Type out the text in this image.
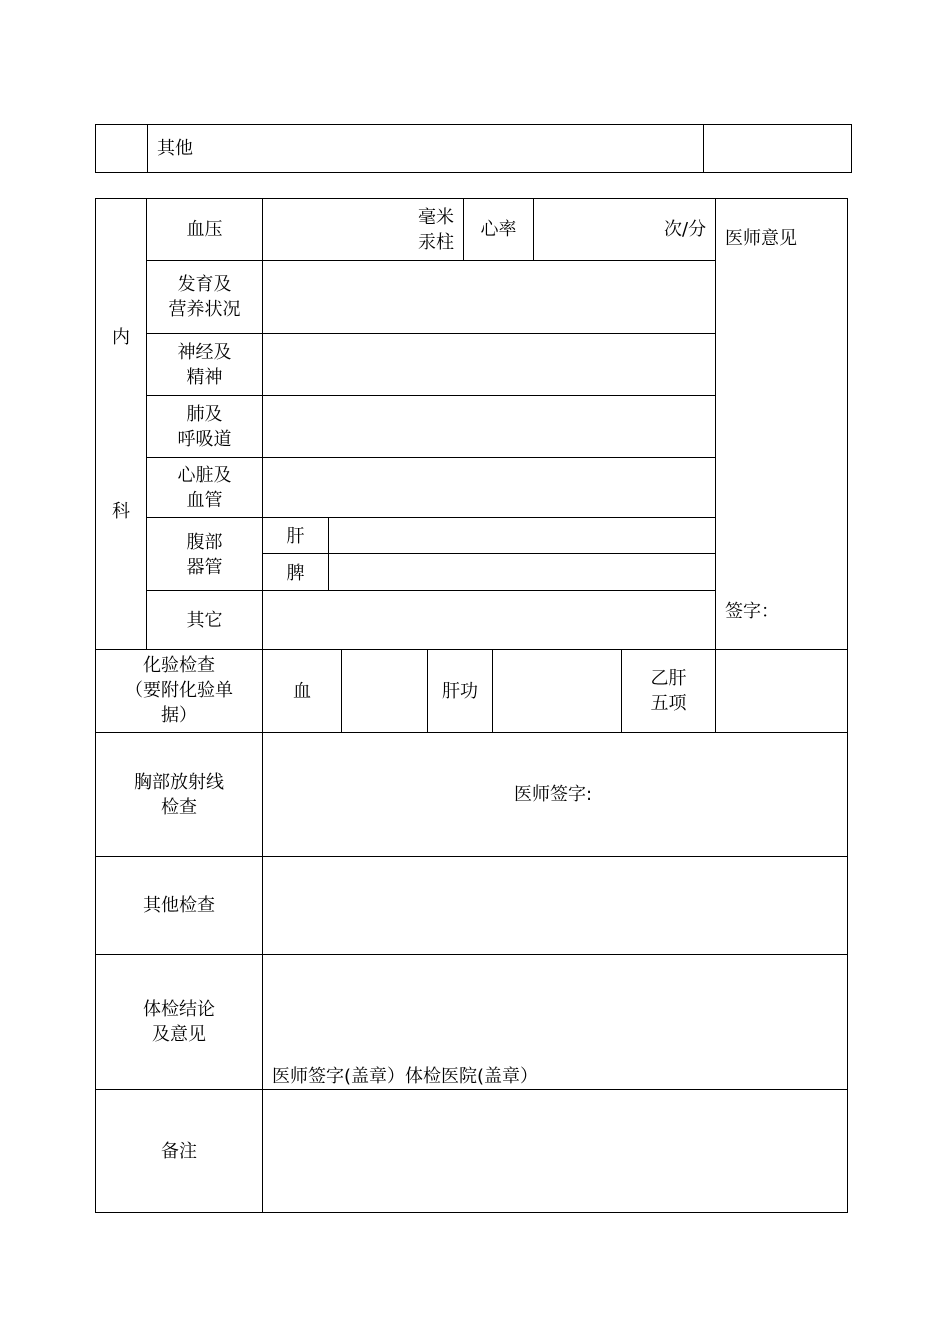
其他
内
科
血压
毫米
汞柱
心率	次/分
发育及
营养状况
神经及
精神
肺及
呼吸道
心脏及
血管
腹部
器管
肝
脾
其它
医师意见
签字：
化验检查
（要附化验单
据）
血	肝功
乙肝
五项
胸部放射线
检查
医师签字:
其他检查
体检结论
及意见
医师签字(盖章）体检医院(盖章）
备注
